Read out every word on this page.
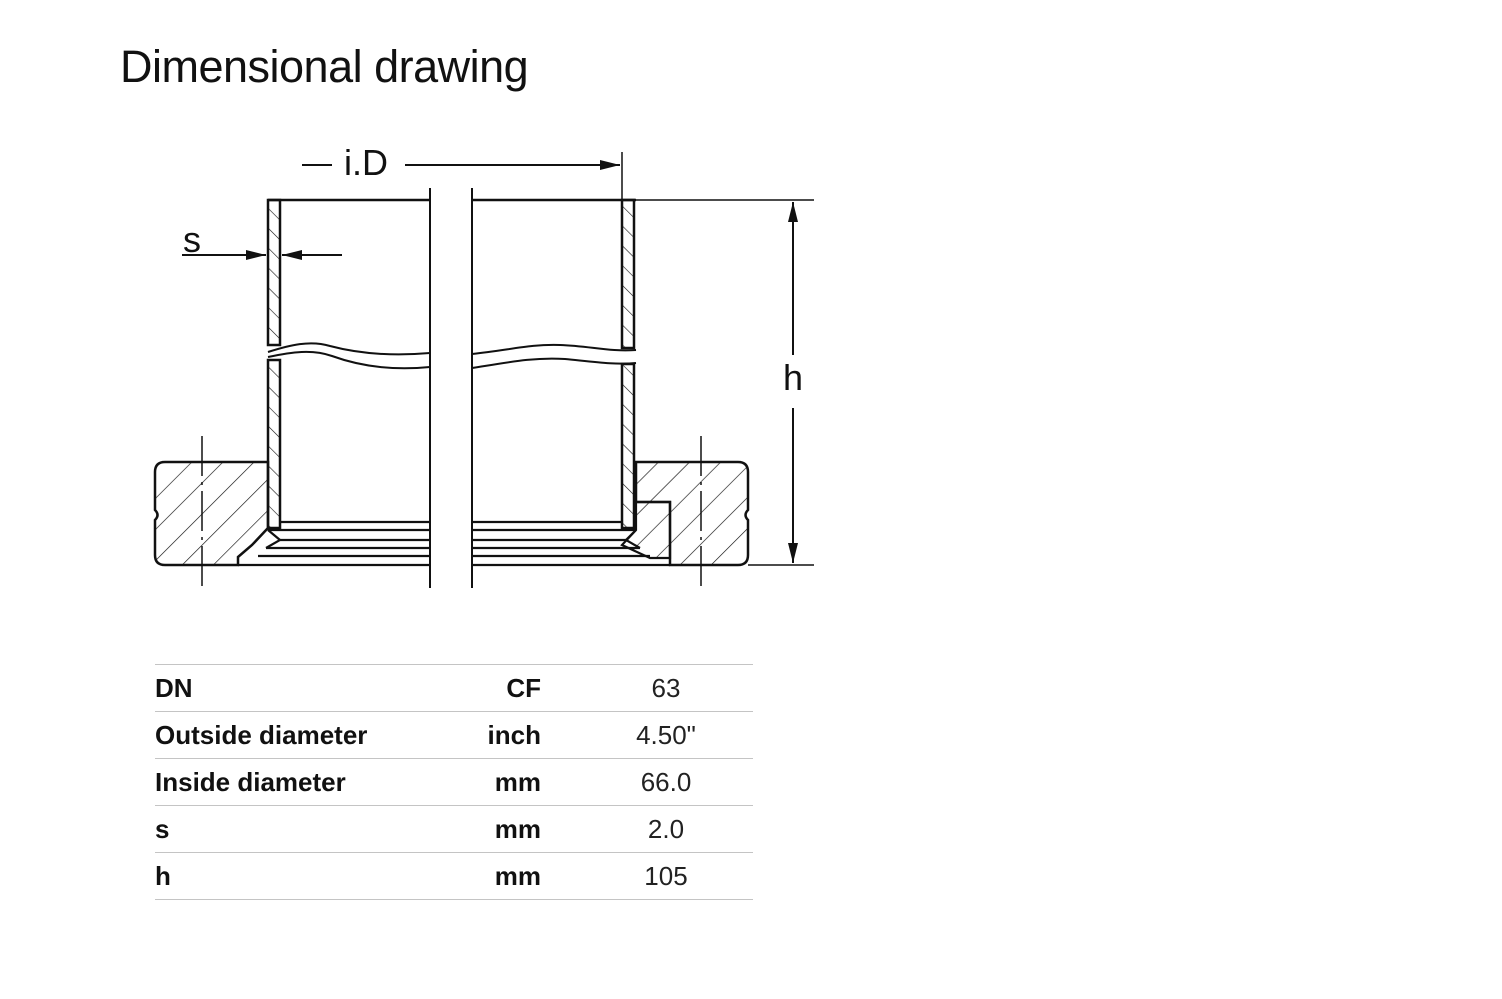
Dimensional drawing
i.D
s
h
DN	CF	63
Outside diameter	inch	4.50"
Inside diameter	mm	66.0
s	mm	2.0
h	mm	105
